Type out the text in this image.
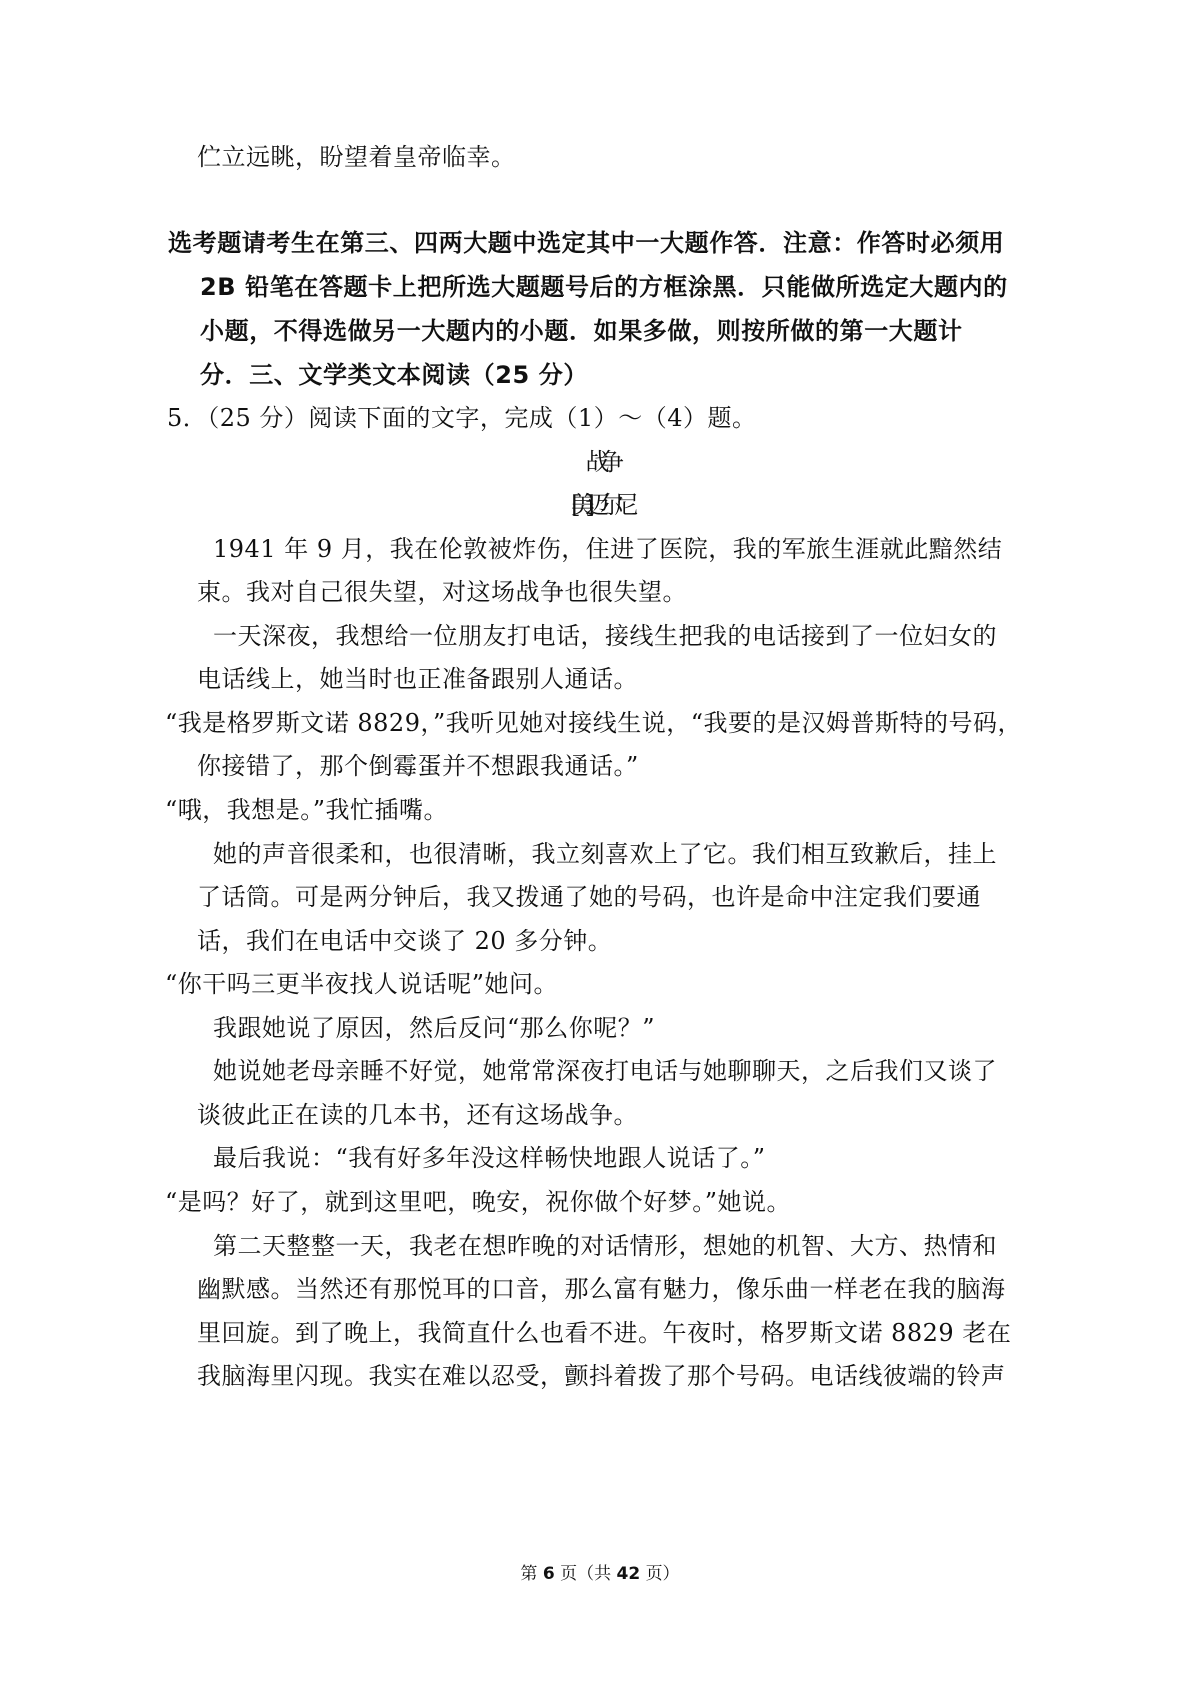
伫立远眺，盼望着皇帝临幸。
选考题请考生在第三、四两大题中选定其中一大题作答．注意：作答时必须用
2B 铅笔在答题卡上把所选大题题号后的方框涂黑．只能做所选定大题内的
小题，不得选做另一大题内的小题．如果多做，则按所做的第一大题计
分．三、文学类文本阅读（25 分）
5．（25 分）阅读下面的文字，完成（1）～（4）题。
战争
[美]迈尔尼
1941 年 9 月，我在伦敦被炸伤，住进了医院，我的军旅生涯就此黯然结
束。我对自己很失望，对这场战争也很失望。
一天深夜，我想给一位朋友打电话，接线生把我的电话接到了一位妇女的
电话线上，她当时也正准备跟别人通话。
“我是格罗斯文诺 8829，”我听见她对接线生说，“我要的是汉姆普斯特的号码，
你接错了，那个倒霉蛋并不想跟我通话。”
“哦，我想是。”我忙插嘴。
她的声音很柔和，也很清晰，我立刻喜欢上了它。我们相互致歉后，挂上
了话筒。可是两分钟后，我又拨通了她的号码，也许是命中注定我们要通
话，我们在电话中交谈了 20 多分钟。
“你干吗三更半夜找人说话呢”她问。
我跟她说了原因，然后反问“那么你呢？”
她说她老母亲睡不好觉，她常常深夜打电话与她聊聊天，之后我们又谈了
谈彼此正在读的几本书，还有这场战争。
最后我说：“我有好多年没这样畅快地跟人说话了。”
“是吗？好了，就到这里吧，晚安，祝你做个好梦。”她说。
第二天整整一天，我老在想昨晚的对话情形，想她的机智、大方、热情和
幽默感。当然还有那悦耳的口音，那么富有魅力，像乐曲一样老在我的脑海
里回旋。到了晚上，我简直什么也看不进。午夜时，格罗斯文诺 8829 老在
我脑海里闪现。我实在难以忍受，颤抖着拨了那个号码。电话线彼端的铃声
第 6 页（共 42 页）
